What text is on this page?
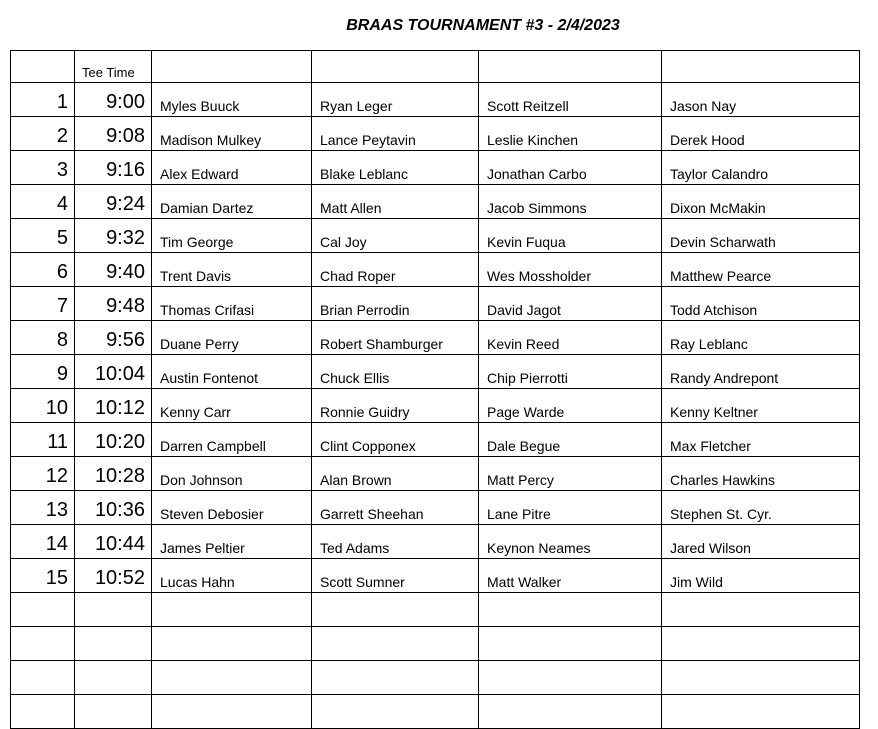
BRAAS TOURNAMENT #3 - 2/4/2023

	Tee Time				

1	9:00	Myles Buuck	Ryan Leger	Scott Reitzell	Jason Nay

2	9:08	Madison Mulkey	Lance Peytavin	Leslie Kinchen	Derek Hood

3	9:16	Alex Edward	Blake Leblanc	Jonathan Carbo	Taylor Calandro

4	9:24	Damian Dartez	Matt Allen	Jacob Simmons	Dixon McMakin

5	9:32	Tim George	Cal Joy	Kevin Fuqua	Devin Scharwath

6	9:40	Trent Davis	Chad Roper	Wes Mossholder	Matthew Pearce

7	9:48	Thomas Crifasi	Brian Perrodin	David Jagot	Todd Atchison

8	9:56	Duane Perry	Robert Shamburger	Kevin Reed	Ray Leblanc

9	10:04	Austin Fontenot	Chuck Ellis	Chip Pierrotti	Randy Andrepont

10	10:12	Kenny Carr	Ronnie Guidry	Page Warde	Kenny Keltner

11	10:20	Darren Campbell	Clint Copponex	Dale Begue	Max Fletcher

12	10:28	Don Johnson	Alan Brown	Matt Percy	Charles Hawkins

13	10:36	Steven Debosier	Garrett Sheehan	Lane Pitre	Stephen St. Cyr.

14	10:44	James Peltier	Ted Adams	Keynon Neames	Jared Wilson

15	10:52	Lucas Hahn	Scott Sumner	Matt Walker	Jim Wild
